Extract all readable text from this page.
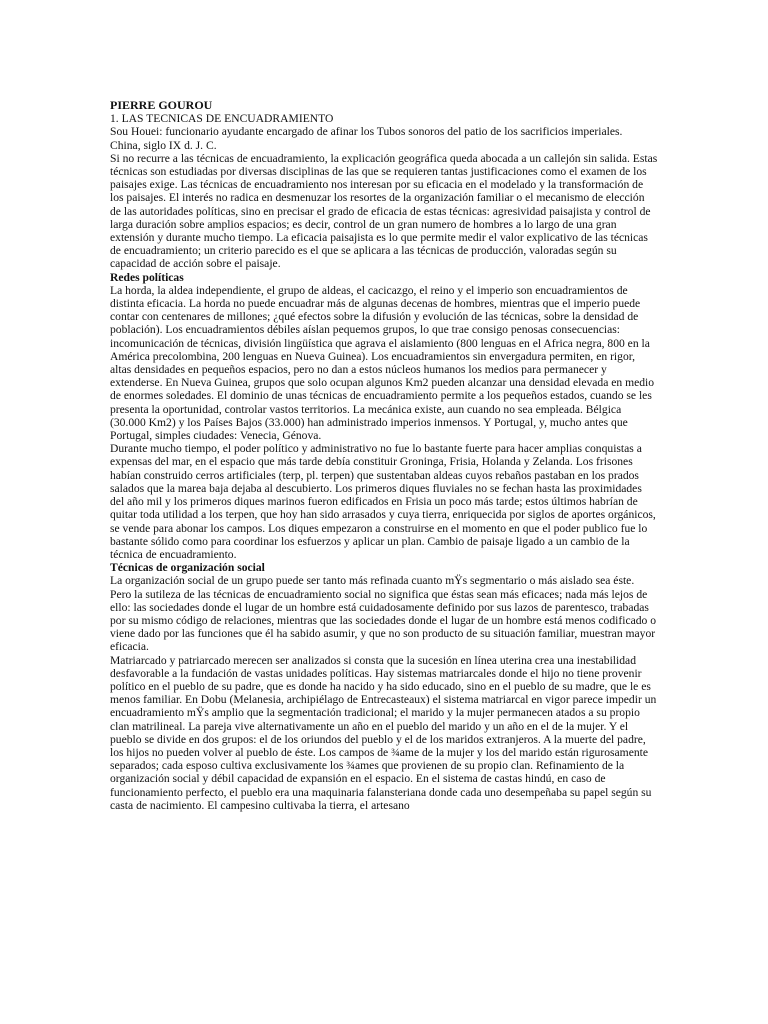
PIERRE GOUROU

1. LAS TECNICAS DE ENCUADRAMIENTO

Sou Houei: funcionario ayudante encargado de afinar los Tubos sonoros del patio de los sacrificios imperiales.

China, siglo IX d. J. C.

Si no recurre a las técnicas de encuadramiento, la explicación geográfica queda abocada a un callejón sin salida. Estas técnicas son estudiadas por diversas disciplinas de las que se requieren tantas justificaciones como el examen de los paisajes exige. Las técnicas de encuadramiento nos interesan por su eficacia en el modelado y la transformación de los paisajes. El interés no radica en desmenuzar los resortes de la organización familiar o el mecanismo de elección de las autoridades políticas, sino en precisar el grado de eficacia de estas técnicas: agresividad paisajista y control de larga duración sobre amplios espacios; es decir, control de un gran numero de hombres a lo largo de una gran extensión y durante mucho tiempo. La eficacia paisajista es lo que permite medir el valor explicativo de las técnicas de encuadramiento; un criterio parecido es el que se aplicara a las técnicas de producción, valoradas según su capacidad de acción sobre el paisaje.

Redes políticas

La horda, la aldea independiente, el grupo de aldeas, el cacicazgo, el reino y el imperio son encuadramientos de distinta eficacia. La horda no puede encuadrar más de algunas decenas de hombres, mientras que el imperio puede contar con centenares de millones; ¿qué efectos sobre la difusión y evolución de las técnicas, sobre la densidad de población). Los encuadramientos débiles aíslan pequemos grupos, lo que trae consigo penosas consecuencias: incomunicación de técnicas, división lingüística que agrava el aislamiento (800 lenguas en el Africa negra, 800 en la América precolombina, 200 lenguas en Nueva Guinea). Los encuadramientos sin envergadura permiten, en rigor, altas densidades en pequeños espacios, pero no dan a estos núcleos humanos los medios para permanecer y extenderse. En Nueva Guinea, grupos que solo ocupan algunos Km2 pueden alcanzar una densidad elevada en medio de enormes soledades. El dominio de unas técnicas de encuadramiento permite a los pequeños estados, cuando se les presenta la oportunidad, controlar vastos territorios. La mecánica existe, aun cuando no sea empleada. Bélgica (30.000 Km2) y los Países Bajos (33.000) han administrado imperios inmensos. Y Portugal, y, mucho antes que Portugal, simples ciudades: Venecia, Génova.

Durante mucho tiempo, el poder político y administrativo no fue lo bastante fuerte para hacer amplias conquistas a expensas del mar, en el espacio que más tarde debía constituir Groninga, Frisia, Holanda y Zelanda. Los frisones habían construido cerros artificiales (terp, pl. terpen) que sustentaban aldeas cuyos rebaños pastaban en los prados salados que la marea baja dejaba al descubierto. Los primeros diques fluviales no se fechan hasta las proximidades del año mil y los primeros diques marinos fueron edificados en Frisia un poco más tarde; estos últimos habrían de quitar toda utilidad a los terpen, que hoy han sido arrasados y cuya tierra, enriquecida por siglos de aportes orgánicos, se vende para abonar los campos. Los diques empezaron a construirse en el momento en que el poder publico fue lo bastante sólido como para coordinar los esfuerzos y aplicar un plan. Cambio de paisaje ligado a un cambio de la técnica de encuadramiento.

Técnicas de organización social

La organización social de un grupo puede ser tanto más refinada cuanto mŸs segmentario o más aislado sea éste. Pero la sutileza de las técnicas de encuadramiento social no significa que éstas sean más eficaces; nada más lejos de ello: las sociedades donde el lugar de un hombre está cuidadosamente definido por sus lazos de parentesco, trabadas por su mismo código de relaciones, mientras que las sociedades donde el lugar de un hombre está menos codificado o viene dado por las funciones que él ha sabido asumir, y que no son producto de su situación familiar, muestran mayor eficacia.

Matriarcado y patriarcado merecen ser analizados si consta que la sucesión en línea uterina crea una inestabilidad desfavorable a la fundación de vastas unidades políticas. Hay sistemas matriarcales donde el hijo no tiene provenir político en el pueblo de su padre, que es donde ha nacido y ha sido educado, sino en el pueblo de su madre, que le es menos familiar. En Dobu (Melanesia, archipiélago de Entrecasteaux) el sistema matriarcal en vigor parece impedir un encuadramiento mŸs amplio que la segmentación tradicional; el marido y la mujer permanecen atados a su propio clan matrilineal. La pareja vive alternativamente un año en el pueblo del marido y un año en el de la mujer. Y el pueblo se divide en dos grupos: el de los oriundos del pueblo y el de los maridos extranjeros. A la muerte del padre, los hijos no pueden volver al pueblo de éste. Los campos de ¾ame de la mujer y los del marido están rigurosamente separados; cada esposo cultiva exclusivamente los ¾ames que provienen de su propio clan. Refinamiento de la organización social y débil capacidad de expansión en el espacio. En el sistema de castas hindú, en caso de funcionamiento perfecto, el pueblo era una maquinaria falansteriana donde cada uno desempeñaba su papel según su casta de nacimiento. El campesino cultivaba la tierra, el artesano
